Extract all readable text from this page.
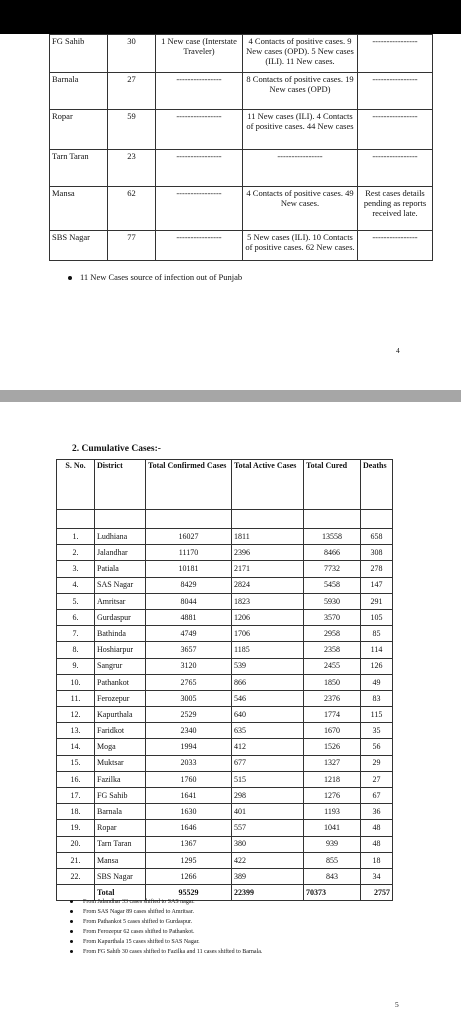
FG Sahib	30	1 New case (Interstate Traveler)	4 Contacts of positive cases. 9 New cases (OPD). 5 New cases (ILI). 11 New cases.	----------------
Barnala	27	----------------	8 Contacts of positive cases. 19 New cases (OPD)	----------------
Ropar	59	----------------	11 New cases (ILI). 4 Contacts of positive cases. 44 New cases	----------------
Tarn Taran	23	----------------	----------------	----------------
Mansa	62	----------------	4 Contacts of positive cases. 49 New cases.	Rest cases details pending as reports received late.
SBS Nagar	77	----------------	5 New cases (ILI). 10 Contacts of positive cases. 62 New cases.	----------------
11 New Cases source of infection out of Punjab
4
2. Cumulative Cases:-
S. No.	District	Total Confirmed Cases	Total Active Cases	Total Cured	Deaths

1.	Ludhiana	16027	1811	13558	658
2.	Jalandhar	11170	2396	8466	308
3.	Patiala	10181	2171	7732	278
4.	SAS Nagar	8429	2824	5458	147
5.	Amritsar	8044	1823	5930	291
6.	Gurdaspur	4881	1206	3570	105
7.	Bathinda	4749	1706	2958	85
8.	Hoshiarpur	3657	1185	2358	114
9.	Sangrur	3120	539	2455	126
10.	Pathankot	2765	866	1850	49
11.	Ferozepur	3005	546	2376	83
12.	Kapurthala	2529	640	1774	115
13.	Faridkot	2340	635	1670	35
14.	Moga	1994	412	1526	56
15.	Muktsar	2033	677	1327	29
16.	Fazilka	1760	515	1218	27
17.	FG Sahib	1641	298	1276	67
18.	Barnala	1630	401	1193	36
19.	Ropar	1646	557	1041	48
20.	Tarn Taran	1367	380	939	48
21.	Mansa	1295	422	855	18
22.	SBS Nagar	1266	389	843	34
	Total	95529	22399	70373	2757
From Jalandhar 33 cases shifted to SAS nagar.
From SAS Nagar 89 cases shifted to Amritsar.
From Pathankot 5 cases shifted to Gurdaspur.
From Ferozepur 62 cases shifted to Pathankot.
From Kapurthala 15 cases shifted to SAS Nagar.
From FG Sahib 30 cases shifted to Fazilka and 11 cases shifted to Barnala.
5
